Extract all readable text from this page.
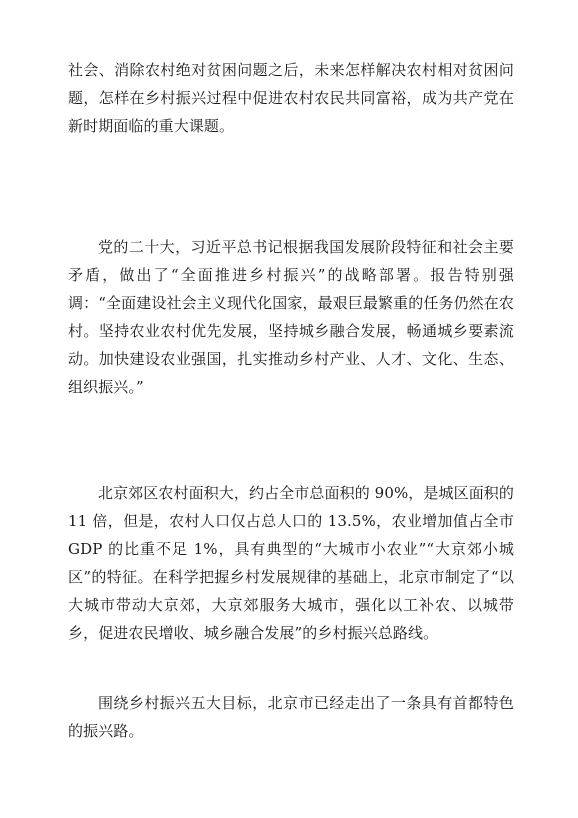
社会、消除农村绝对贫困问题之后，未来怎样解决农村相对贫困问题，怎样在乡村振兴过程中促进农村农民共同富裕，成为共产党在新时期面临的重大课题。

党的二十大，习近平总书记根据我国发展阶段特征和社会主要矛盾，做出了“全面推进乡村振兴”的战略部署。报告特别强调：“全面建设社会主义现代化国家，最艰巨最繁重的任务仍然在农村。坚持农业农村优先发展，坚持城乡融合发展，畅通城乡要素流动。加快建设农业强国，扎实推动乡村产业、人才、文化、生态、组织振兴。”

北京郊区农村面积大，约占全市总面积的 90%，是城区面积的 11 倍，但是，农村人口仅占总人口的 13.5%，农业增加值占全市 GDP 的比重不足 1%，具有典型的“大城市小农业”“大京郊小城区”的特征。在科学把握乡村发展规律的基础上，北京市制定了“以大城市带动大京郊，大京郊服务大城市，强化以工补农、以城带乡，促进农民增收、城乡融合发展”的乡村振兴总路线。

围绕乡村振兴五大目标，北京市已经走出了一条具有首都特色的振兴路。
